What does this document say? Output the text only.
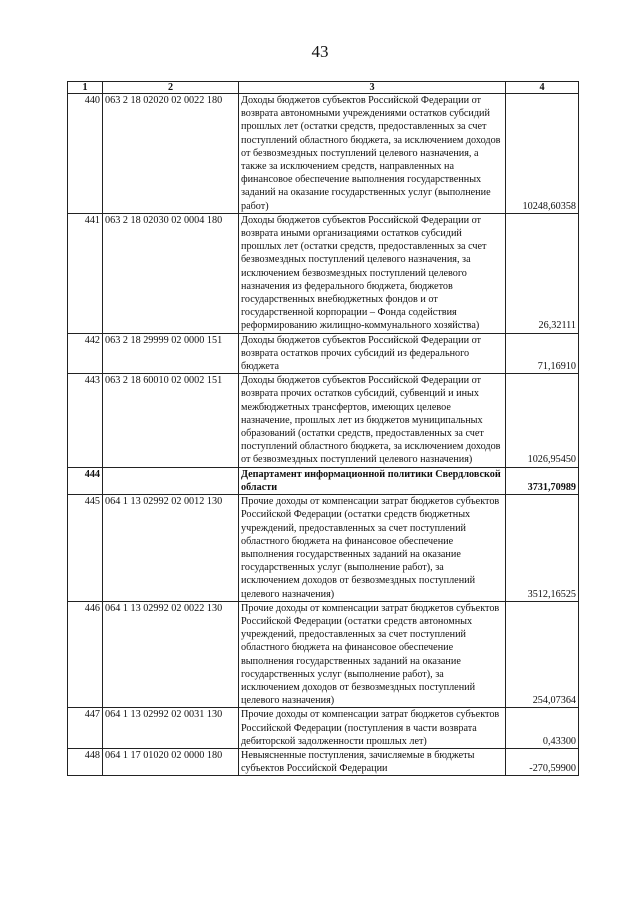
43
1	2	3	4
440	063 2 18 02020 02 0022 180	Доходы бюджетов субъектов Российской Федерации от возврата автономными учреждениями остатков субсидий прошлых лет (остатки средств, предоставленных за счет поступлений областного бюджета, за исключением доходов от безвозмездных поступлений целевого назначения, а также за исключением средств, направленных на финансовое обеспечение выполнения государственных заданий на оказание государственных услуг (выполнение работ)	10248,60358
441	063 2 18 02030 02 0004 180	Доходы бюджетов субъектов Российской Федерации от возврата иными организациями остатков субсидий прошлых лет (остатки средств, предоставленных за счет безвозмездных поступлений целевого назначения, за исключением безвозмездных поступлений целевого назначения из федерального бюджета, бюджетов государственных внебюджетных фондов и от государственной корпорации – Фонда содействия реформированию жилищно-коммунального хозяйства)	26,32111
442	063 2 18 29999 02 0000 151	Доходы бюджетов субъектов Российской Федерации от возврата остатков прочих субсидий из федерального бюджета	71,16910
443	063 2 18 60010 02 0002 151	Доходы бюджетов субъектов Российской Федерации от возврата прочих остатков субсидий, субвенций и иных межбюджетных трансфертов, имеющих целевое назначение, прошлых лет из бюджетов муниципальных образований (остатки средств, предоставленных за счет поступлений областного бюджета, за исключением доходов от безвозмездных поступлений целевого назначения)	1026,95450
444		Департамент информационной политики Свердловской области	3731,70989
445	064 1 13 02992 02 0012 130	Прочие доходы от компенсации затрат бюджетов субъектов Российской Федерации (остатки средств бюджетных учреждений, предоставленных за счет поступлений областного бюджета на финансовое обеспечение выполнения государственных заданий на оказание государственных услуг (выполнение работ), за исключением доходов от безвозмездных поступлений целевого назначения)	3512,16525
446	064 1 13 02992 02 0022 130	Прочие доходы от компенсации затрат бюджетов субъектов Российской Федерации (остатки средств автономных учреждений, предоставленных за счет поступлений областного бюджета на финансовое обеспечение выполнения государственных заданий на оказание государственных услуг (выполнение работ), за исключением доходов от безвозмездных поступлений целевого назначения)	254,07364
447	064 1 13 02992 02 0031 130	Прочие доходы от компенсации затрат бюджетов субъектов Российской Федерации (поступления в части возврата дебиторской задолженности прошлых лет)	0,43300
448	064 1 17 01020 02 0000 180	Невыясненные поступления, зачисляемые в бюджеты субъектов Российской Федерации	-270,59900
